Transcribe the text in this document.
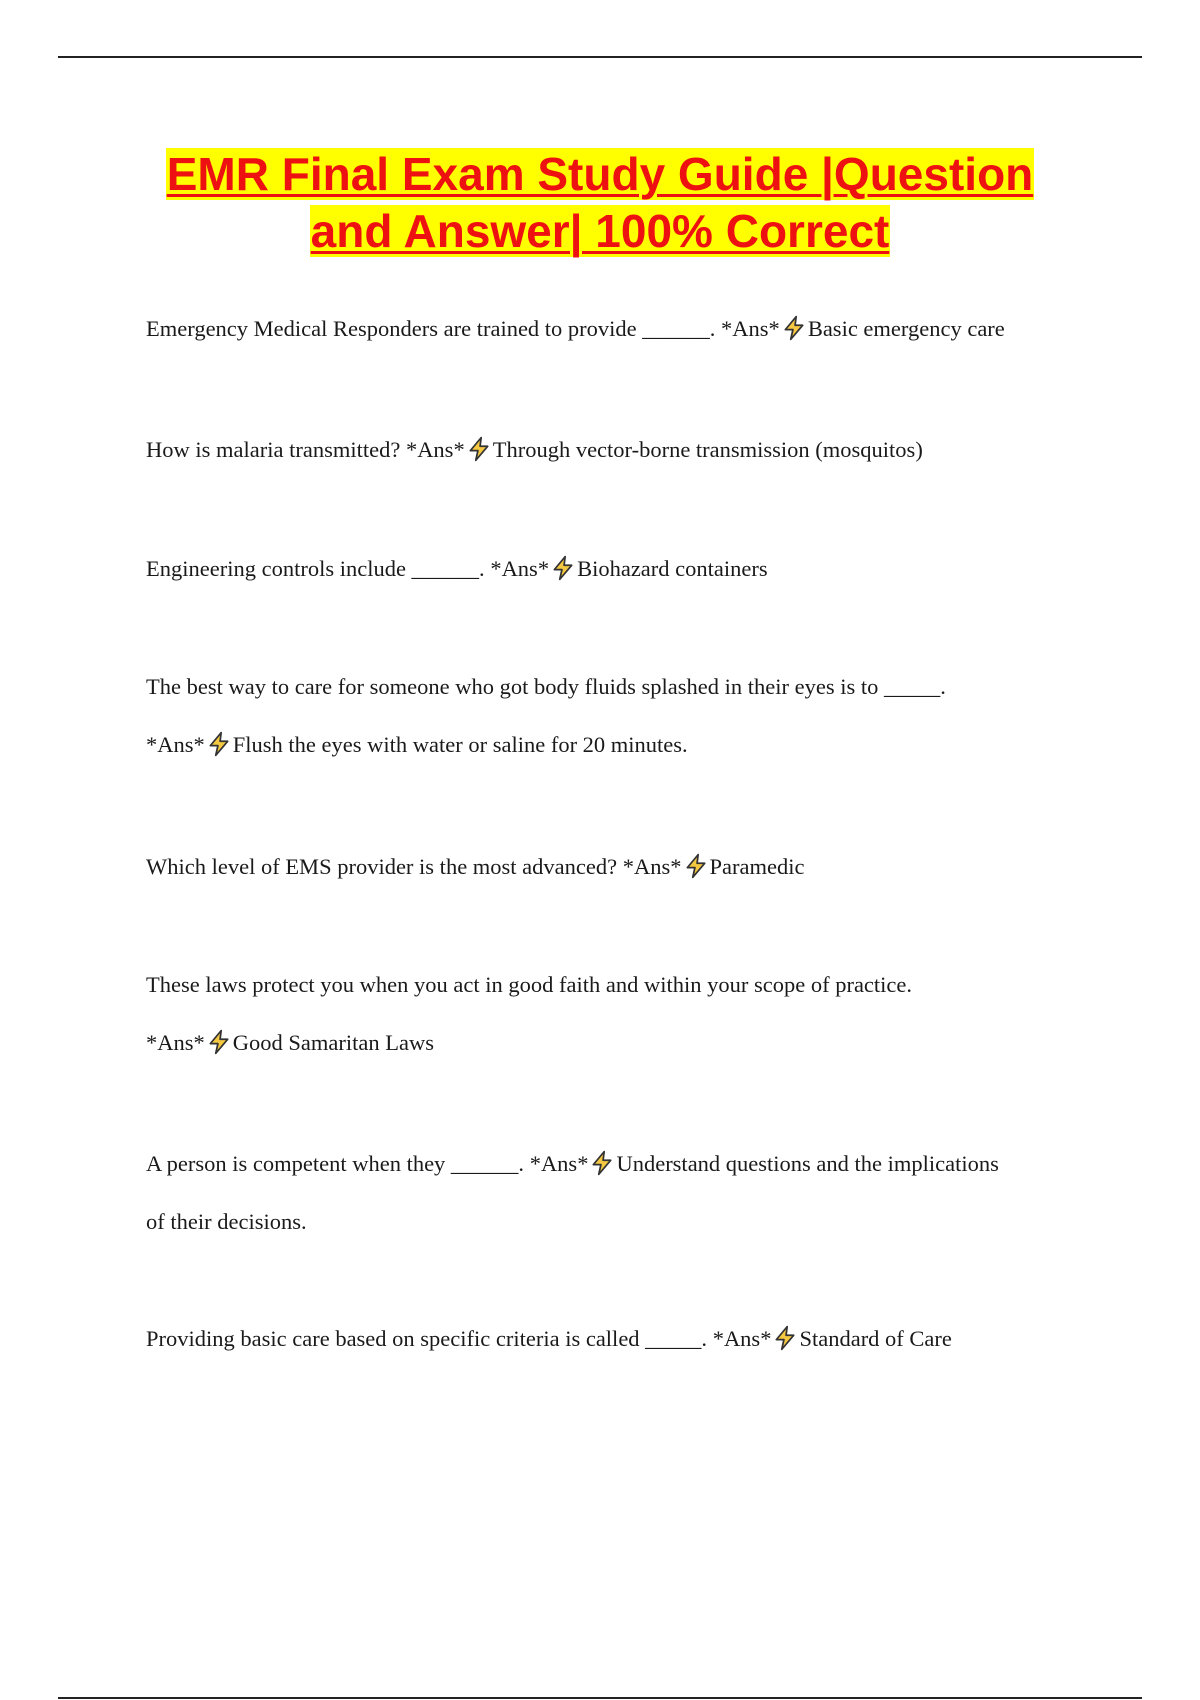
EMR Final Exam Study Guide |Question
and Answer| 100% Correct
Emergency Medical Responders are trained to provide ______. *Ans* Basic emergency care
How is malaria transmitted? *Ans* Through vector-borne transmission (mosquitos)
Engineering controls include ______. *Ans* Biohazard containers
The best way to care for someone who got body fluids splashed in their eyes is to _____.
*Ans* Flush the eyes with water or saline for 20 minutes.
Which level of EMS provider is the most advanced? *Ans* Paramedic
These laws protect you when you act in good faith and within your scope of practice.
*Ans* Good Samaritan Laws
A person is competent when they ______. *Ans* Understand questions and the implications
of their decisions.
Providing basic care based on specific criteria is called _____. *Ans* Standard of Care
